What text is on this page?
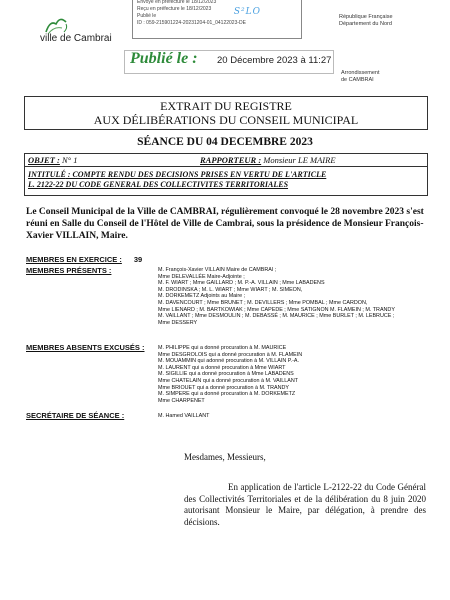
Envoyé en préfecture le 18/12/2023
Reçu en préfecture le 18/12/2023
Publié le
ID : 059-215901224-20231204-01_04122023-DE
S²LO	République Française
Département du Nord
ville de Cambrai
Publié le : 20 Décembre 2023 à 11:27
Arrondissement
de CAMBRAI
EXTRAIT DU REGISTRE
AUX DÉLIBÉRATIONS DU CONSEIL MUNICIPAL
SÉANCE DU 04 DECEMBRE 2023
OBJET : N° 1	RAPPORTEUR : Monsieur LE MAIRE
INTITULÉ : COMPTE RENDU DES DECISIONS PRISES EN VERTU DE L'ARTICLE
L. 2122-22 DU CODE GENERAL DES COLLECTIVITES TERRITORIALES
Le Conseil Municipal de la Ville de CAMBRAI, régulièrement convoqué le 28 novembre 2023 s'est réuni en Salle du Conseil de l'Hôtel de Ville de Cambrai, sous la présidence de Monsieur François-Xavier VILLAIN, Maire.
MEMBRES EN EXERCICE : 39
MEMBRES PRÉSENTS :	M. François-Xavier VILLAIN Maire de CAMBRAI ;
Mme DELEVALLÉE Maire-Adjointe ;
M. F. WIART ; Mme GAILLARD ; M. P.-A. VILLAIN ; Mme LABADENS
M. DRODINSKA ; M. L. WIART ; Mme WIART ; M. SIMEON,
M. DORKEMETZ Adjoints au Maire ;
M. DAVENCOURT ; Mme BRUNET ; M. DEVILLERS ; Mme POMBAL ; Mme CARDON,
Mme LIENARD ; M. BARTKOWIAK ; Mme CAPEDE ; Mme SATIGNON M. FLAMEIN ; M. TRANDY
M. VAILLANT ; Mme DESMOULIN ; M. DEBASSÉ ; M. MAURICE ; Mme BURLET ; M. LEBRUCE ;
Mme DESSERY
MEMBRES ABSENTS EXCUSÉS :	M. PHILIPPE qui a donné procuration à M. MAURICE
Mme DESGROLOIS qui a donné procuration à M. FLAMEIN
M. MOUAMMIN qui adonné procuration à M. VILLAIN P.-A.
M. LAURENT qui a donné procuration à Mme WIART
M. SIGILLIE qui a donné procuration à Mme LABADENS
Mme CHATELAIN qui a donné procuration à M. VAILLANT
Mme BRIOUET qui a donné procuration à M. TRANDY
M. SIMPERE qui a donné procuration à M. DORKEMETZ
Mme CHARPENET
SECRÉTAIRE DE SÉANCE :	M. Hamed VAILLANT
Mesdames, Messieurs,
En application de l'article L-2122-22 du Code Général des Collectivités Territoriales et de la délibération du 8 juin 2020 autorisant Monsieur le Maire, par délégation, à prendre des décisions.
